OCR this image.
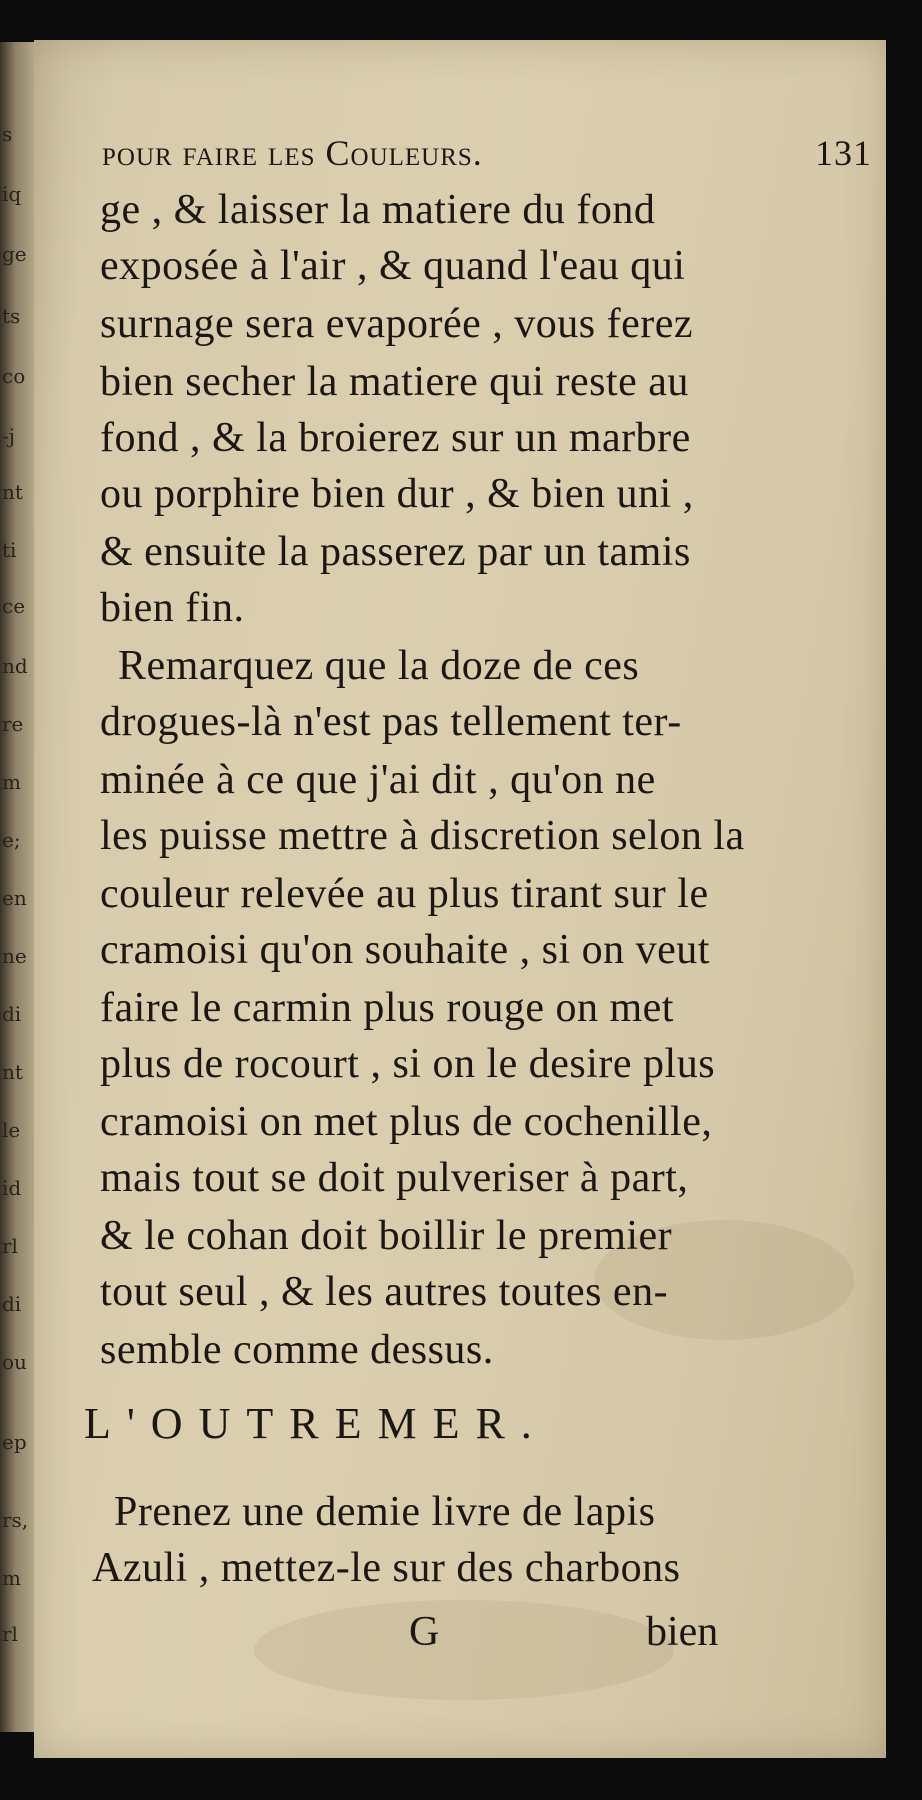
s
iq
ge
ts
co
-j
nt
ti
ce
nd
re
m
e;
en
ne
di
nt
le
id
rl
di
ou
ep
rs,
m
rl
pour faire les Couleurs.	131
ge , & laisser la matiere du fond
exposée à l'air , & quand l'eau qui
surnage sera evaporée , vous ferez
bien secher la matiere qui reste au
fond , & la broierez sur un marbre
ou porphire bien dur , & bien uni ,
& ensuite la passerez par un tamis
bien fin.
Remarquez que la doze de ces
drogues-là n'est pas tellement ter-
minée à ce que j'ai dit , qu'on ne
les puisse mettre à discretion selon la
couleur relevée au plus tirant sur le
cramoisi qu'on souhaite , si on veut
faire le carmin plus rouge on met
plus de rocourt , si on le desire plus
cramoisi on met plus de cochenille,
mais tout se doit pulveriser à part,
& le cohan doit boillir le premier
tout seul , & les autres toutes en-
semble comme dessus.
L'OUTREMER.
Prenez une demie livre de lapis
Azuli , mettez-le sur des charbons
G	bien
